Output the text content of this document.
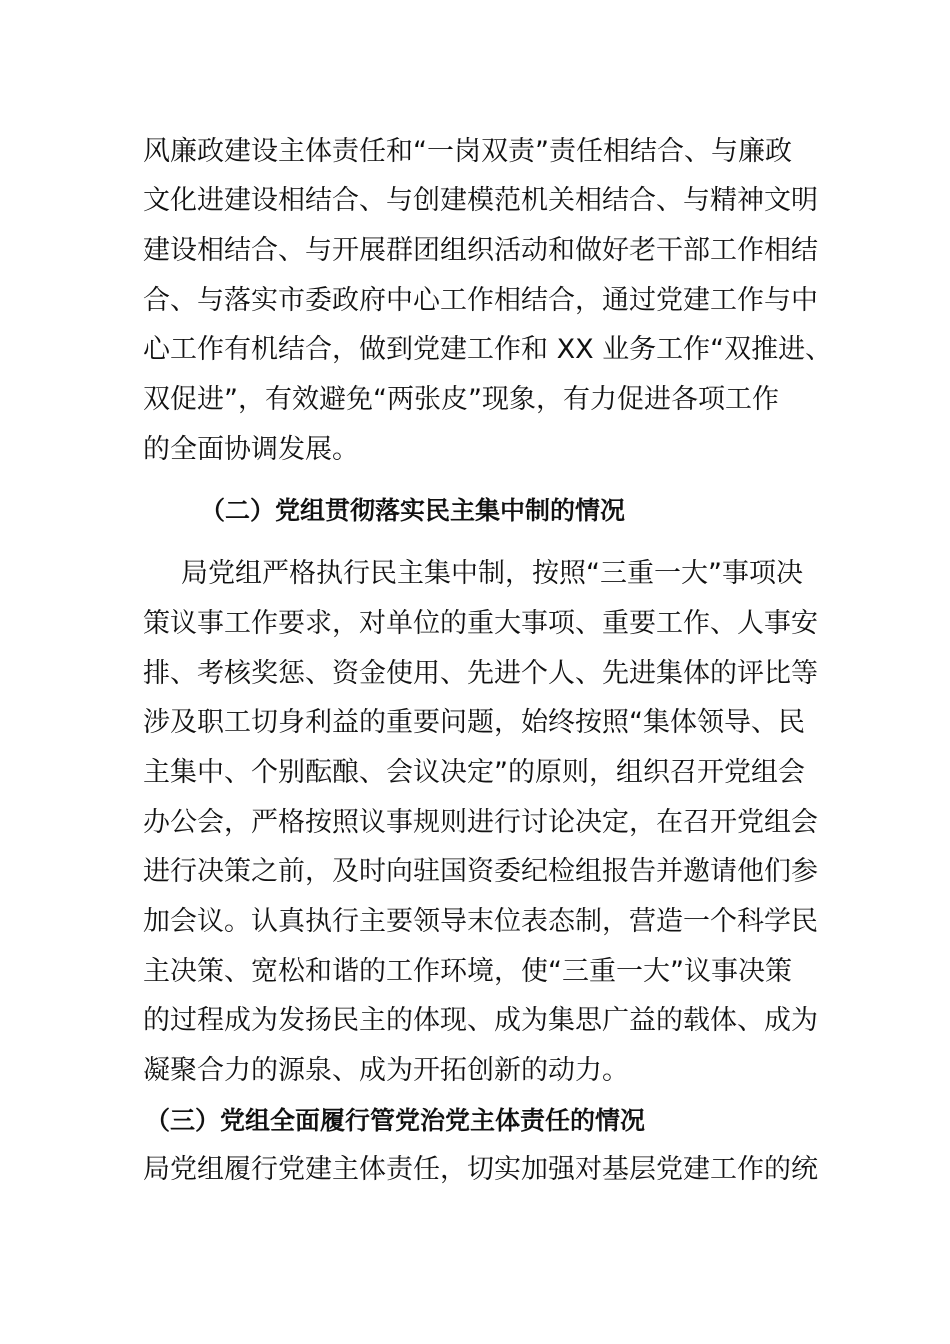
风廉政建设主体责任和“一岗双责”责任相结合、与廉政
文化进建设相结合、与创建模范机关相结合、与精神文明
建设相结合、与开展群团组织活动和做好老干部工作相结
合、与落实市委政府中心工作相结合，通过党建工作与中
心工作有机结合，做到党建工作和 XX 业务工作“双推进、
双促进”，有效避免“两张皮”现象，有力促进各项工作
的全面协调发展。
（二）党组贯彻落实民主集中制的情况
局党组严格执行民主集中制，按照“三重一大”事项决
策议事工作要求，对单位的重大事项、重要工作、人事安
排、考核奖惩、资金使用、先进个人、先进集体的评比等
涉及职工切身利益的重要问题，始终按照“集体领导、民
主集中、个别酝酿、会议决定”的原则，组织召开党组会
办公会，严格按照议事规则进行讨论决定，在召开党组会
进行决策之前，及时向驻国资委纪检组报告并邀请他们参
加会议。认真执行主要领导末位表态制，营造一个科学民
主决策、宽松和谐的工作环境，使“三重一大”议事决策
的过程成为发扬民主的体现、成为集思广益的载体、成为
凝聚合力的源泉、成为开拓创新的动力。
（三）党组全面履行管党治党主体责任的情况
局党组履行党建主体责任，切实加强对基层党建工作的统
